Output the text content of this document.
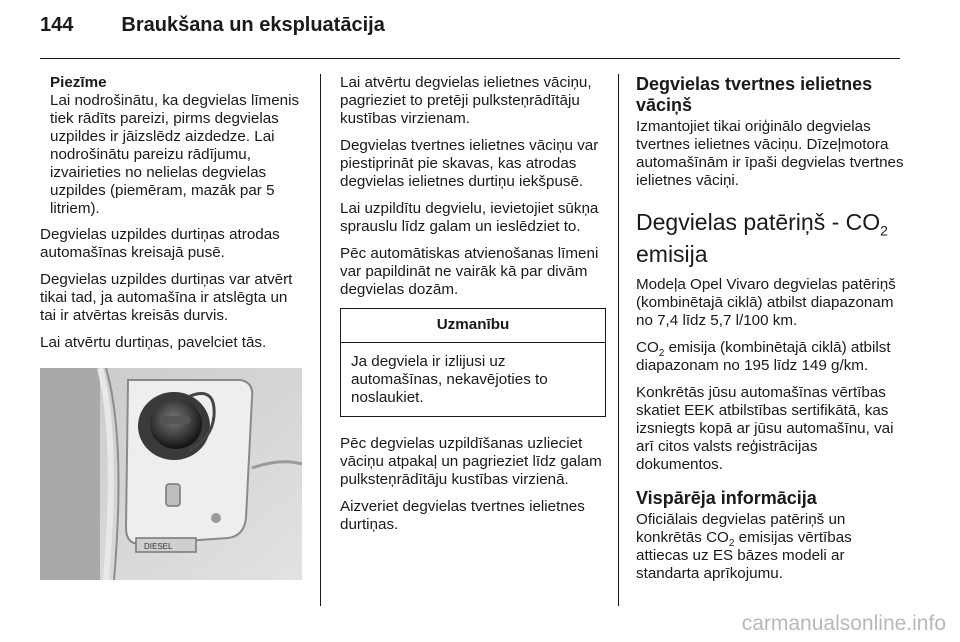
144 Braukšana un ekspluatācija
Piezīme
Lai nodrošinātu, ka degvielas līmenis tiek rādīts pareizi, pirms degvielas uzpildes ir jāizslēdz aizdedze. Lai nodrošinātu pareizu rādījumu, izvairieties no nelielas degvielas uzpildes (piemēram, mazāk par 5 litriem).

Degvielas uzpildes durtiņas atrodas automašīnas kreisajā pusē.

Degvielas uzpildes durtiņas var atvērt tikai tad, ja automašīna ir atslēgta un tai ir atvērtas kreisās durvis.

Lai atvērtu durtiņas, pavelciet tās.

DIESEL

Lai atvērtu degvielas ielietnes vāciņu, pagrieziet to pretēji pulksteņrādītāju kustības virzienam.

Degvielas tvertnes ielietnes vāciņu var piestiprināt pie skavas, kas atrodas degvielas ielietnes durtiņu iekšpusē.

Lai uzpildītu degvielu, ievietojiet sūkņa sprauslu līdz galam un ieslēdziet to.

Pēc automātiskas atvienošanas līmeni var papildināt ne vairāk kā par divām degvielas dozām.

Uzmanību
Ja degviela ir izlijusi uz automašīnas, nekavējoties to noslaukiet.

Pēc degvielas uzpildīšanas uzlieciet vāciņu atpakaļ un pagrieziet līdz galam pulksteņrādītāju kustības virzienā.

Aizveriet degvielas tvertnes ielietnes durtiņas.

Degvielas tvertnes ielietnes vāciņš

Izmantojiet tikai oriģinālo degvielas tvertnes ielietnes vāciņu. Dīzeļmotora automašīnām ir īpaši degvielas tvertnes ielietnes vāciņi.

Degvielas patēriņš - $CO_2$
emisija

Modeļa Opel Vivaro degvielas patēriņš (kombinētajā ciklā) atbilst diapazonam no 7,4 līdz 5,7 l/100 km.

$CO_2$ emisija (kombinētajā ciklā) atbilst diapazonam no 195 līdz 149 g/km.

Konkrētās jūsu automašīnas vērtības skatiet EEK atbilstības sertifikātā, kas izsniegts kopā ar jūsu automašīnu, vai arī citos valsts reģistrācijas dokumentos.

Vispārēja informācija

Oficiālais degvielas patēriņš un konkrētās $CO_2$ emisijas vērtības attiecas uz ES bāzes modeli ar standarta aprīkojumu.

carmanualsonline.info
